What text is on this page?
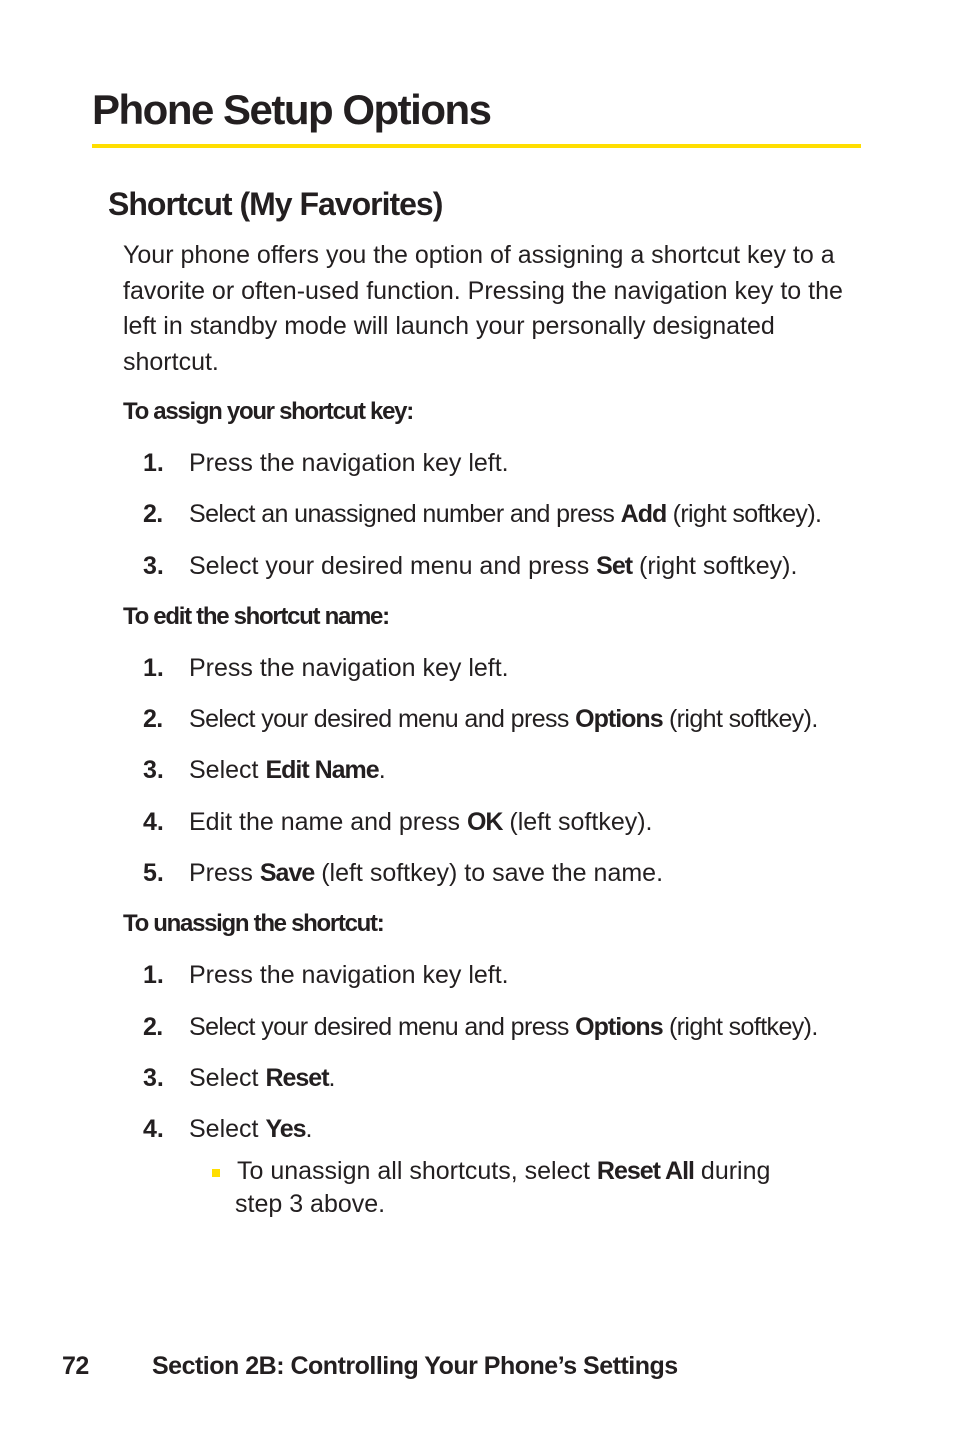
Phone Setup Options
Shortcut (My Favorites)

Your phone offers you the option of assigning a shortcut key to a favorite or often-used function. Pressing the navigation key to the left in standby mode will launch your personally designated shortcut.

To assign your shortcut key:

1. Press the navigation key left.
2. Select an unassigned number and press Add (right softkey).
3. Select your desired menu and press Set (right softkey).

To edit the shortcut name:

1. Press the navigation key left.
2. Select your desired menu and press Options (right softkey).
3. Select Edit Name.
4. Edit the name and press OK (left softkey).
5. Press Save (left softkey) to save the name.

To unassign the shortcut:

1. Press the navigation key left.
2. Select your desired menu and press Options (right softkey).
3. Select Reset.
4. Select Yes.
To unassign all shortcuts, select Reset All during
step 3 above.
72	Section 2B: Controlling Your Phone’s Settings
